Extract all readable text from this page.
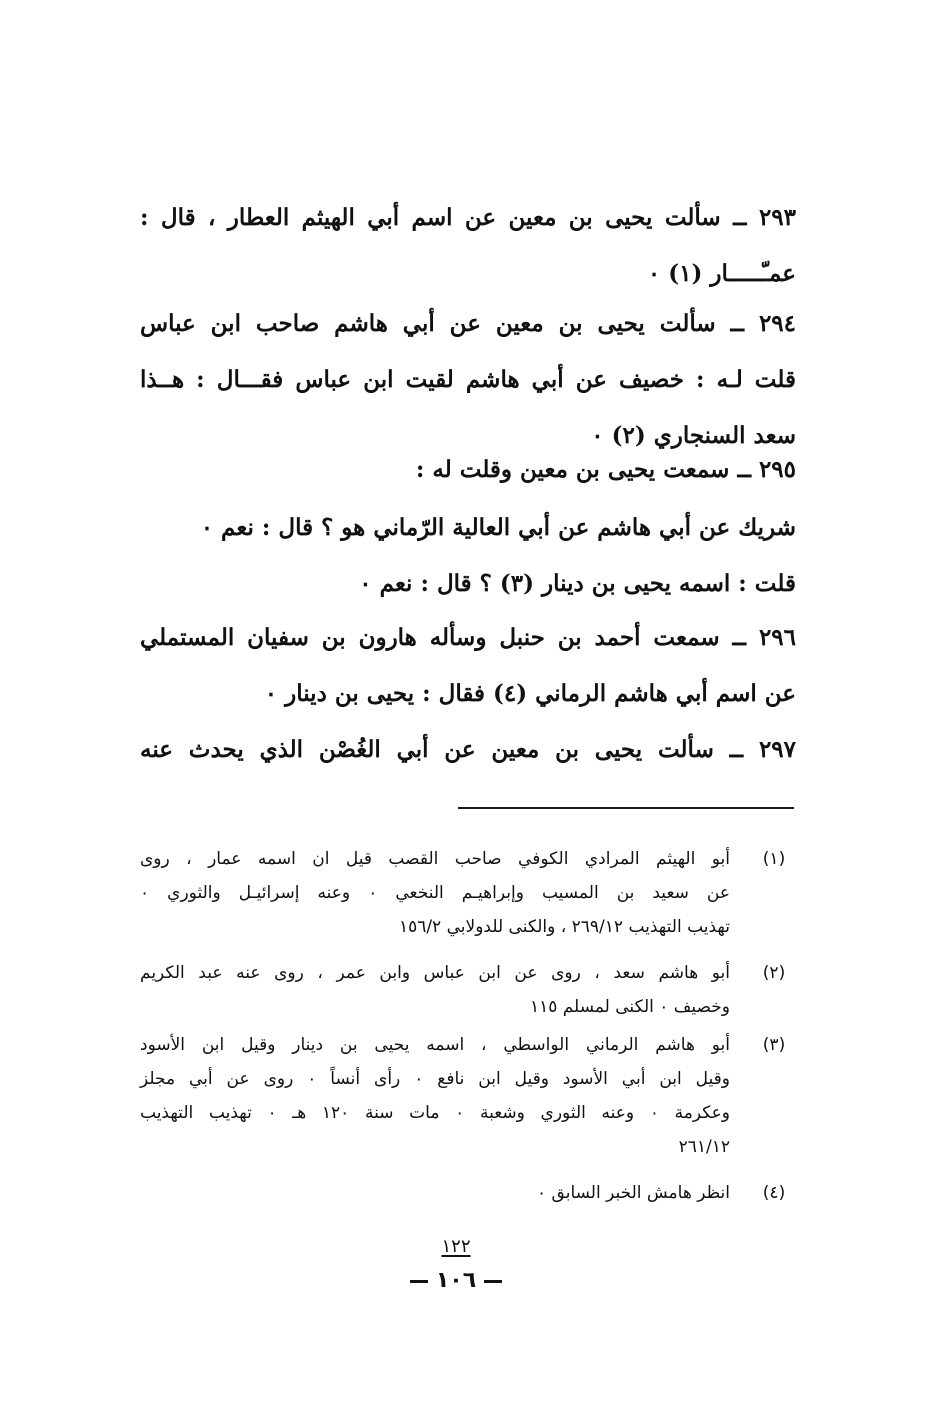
٢٩٣ ــ سألت يحيى بن معين عن اسم أبي الهيثم العطار ، قال :
عمـّـــــار (١) ٠
٢٩٤ ــ سألت يحيى بن معين عن أبي هاشم صاحب ابن عباس
قلت لـه : خصيف عن أبي هاشم لقيت ابن عباس فقـــال : هــذا
سعد السنجاري (٢) ٠
٢٩٥ ــ سمعت يحيى بن معين وقلت له :
شريك عن أبي هاشم عن أبي العالية الرّماني هو ؟ قال : نعم ٠
قلت : اسمه يحيى بن دينار (٣) ؟ قال : نعم ٠
٢٩٦ ــ سمعت أحمد بن حنبل وسأله هارون بن سفيان المستملي
عن اسم أبي هاشم الرماني (٤) فقال : يحيى بن دينار ٠
٢٩٧ ــ سألت يحيى بن معين عن أبي الغُصْن الذي يحدث عنه
(١)
أبو الهيثم المرادي الكوفي صاحب القصب قيل ان اسمه عمار ، روى
عن سعيد بن المسيب وإبراهيـم النخعي ٠ وعنه إسرائيـل والثوري ٠
تهذيب التهذيب ٢٦٩/١٢ ، والكنى للدولابي ١٥٦/٢
(٢)
أبو هاشم سعد ، روى عن ابن عباس وابن عمر ، روى عنه عبد الكريم
وخصيف ٠ الكنى لمسلم ١١٥
(٣)
أبو هاشم الرماني الواسطي ، اسمه يحيى بن دينار وقيل ابن الأسود
وقيل ابن أبي الأسود وقيل ابن نافع ٠ رأى أنساً ٠ روى عن أبي مجلز
وعكرمة ٠ وعنه الثوري وشعبة ٠ مات سنة ١٢٠ هـ ٠ تهذيب التهذيب
٢٦١/١٢
(٤)
انظر هامش الخبر السابق ٠
١٢٢
١٠٦
